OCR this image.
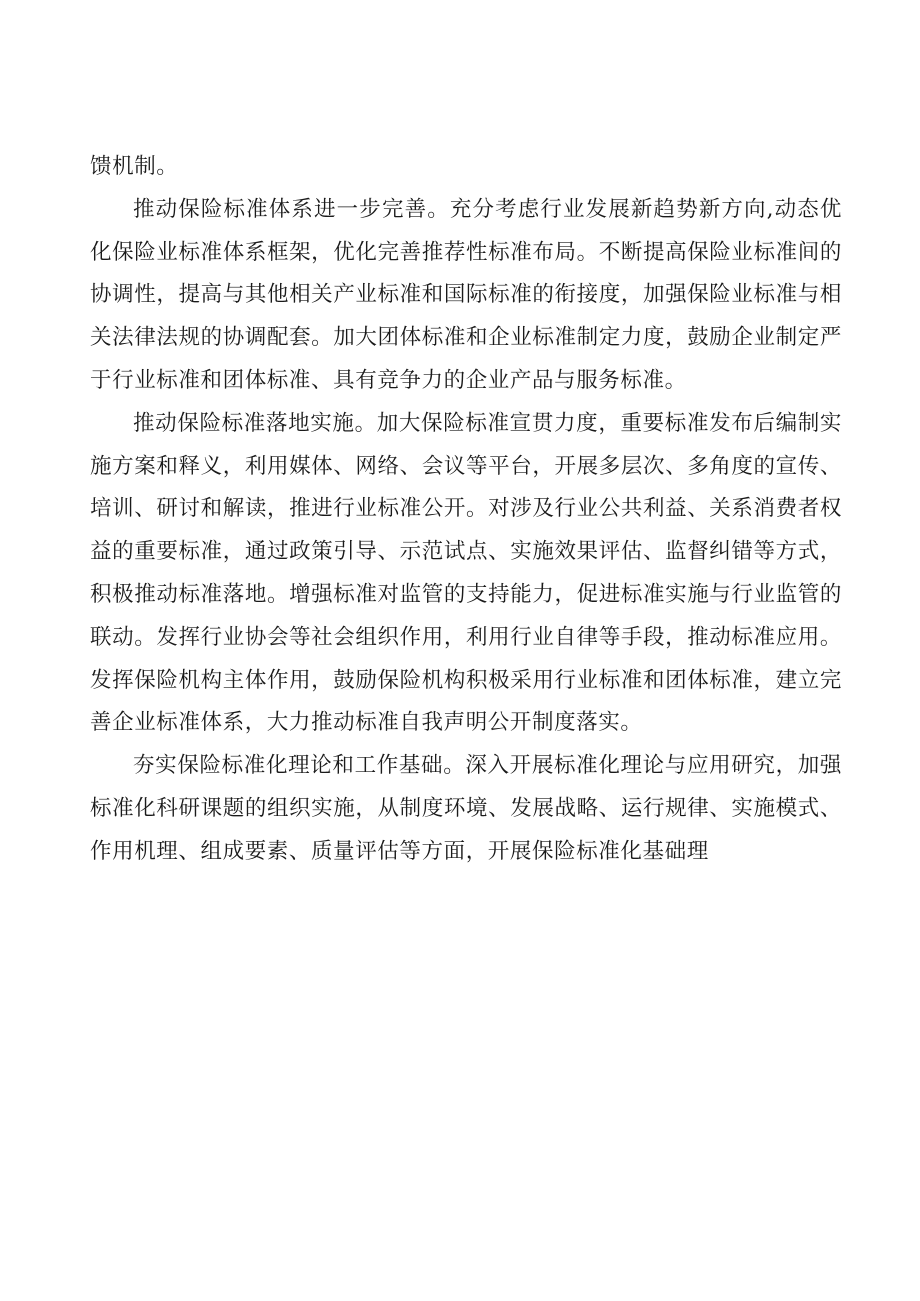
馈机制。

推动保险标准体系进一步完善。充分考虑行业发展新趋势新方向,动态优化保险业标准体系框架，优化完善推荐性标准布局。不断提高保险业标准间的协调性，提高与其他相关产业标准和国际标准的衔接度，加强保险业标准与相关法律法规的协调配套。加大团体标准和企业标准制定力度，鼓励企业制定严于行业标准和团体标准、具有竞争力的企业产品与服务标准。

推动保险标准落地实施。加大保险标准宣贯力度，重要标准发布后编制实施方案和释义，利用媒体、网络、会议等平台，开展多层次、多角度的宣传、培训、研讨和解读，推进行业标准公开。对涉及行业公共利益、关系消费者权益的重要标准，通过政策引导、示范试点、实施效果评估、监督纠错等方式，积极推动标准落地。增强标准对监管的支持能力，促进标准实施与行业监管的联动。发挥行业协会等社会组织作用，利用行业自律等手段，推动标准应用。发挥保险机构主体作用，鼓励保险机构积极采用行业标准和团体标准，建立完善企业标准体系，大力推动标准自我声明公开制度落实。

夯实保险标准化理论和工作基础。深入开展标准化理论与应用研究，加强标准化科研课题的组织实施，从制度环境、发展战略、运行规律、实施模式、作用机理、组成要素、质量评估等方面，开展保险标准化基础理
